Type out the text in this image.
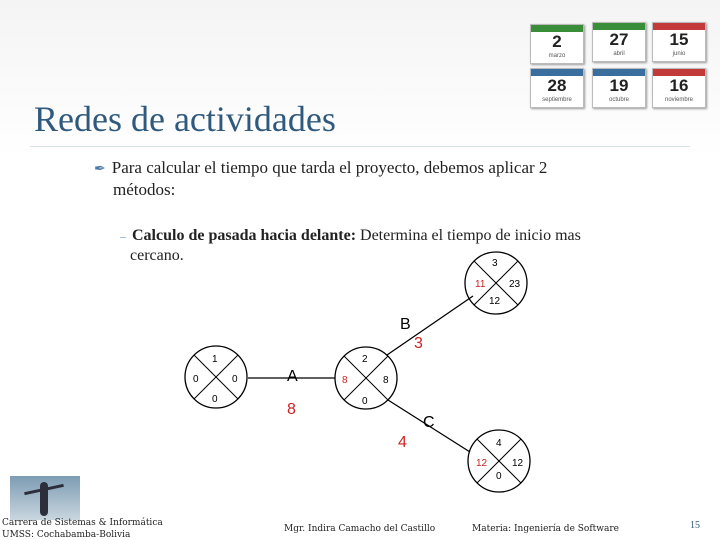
2
marzo
27
abril
15
junio
28
septiembre
19
octubre
16
noviembre
Redes de actividades
✒ Para calcular el tiempo que tarda el proyecto, debemos aplicar 2
métodos:
– Calculo de pasada hacia delante: Determina el tiempo de inicio mas
cercano.
1
0	0
0
A
8
2
8	8
0
B
3
3
11 23
12
C
4	4
12 12
0
Carrera de Sistemas & Informática
UMSS: Cochabamba-Bolivia
Mgr. Indira Camacho del Castillo	Materia: Ingeniería de Software	15
